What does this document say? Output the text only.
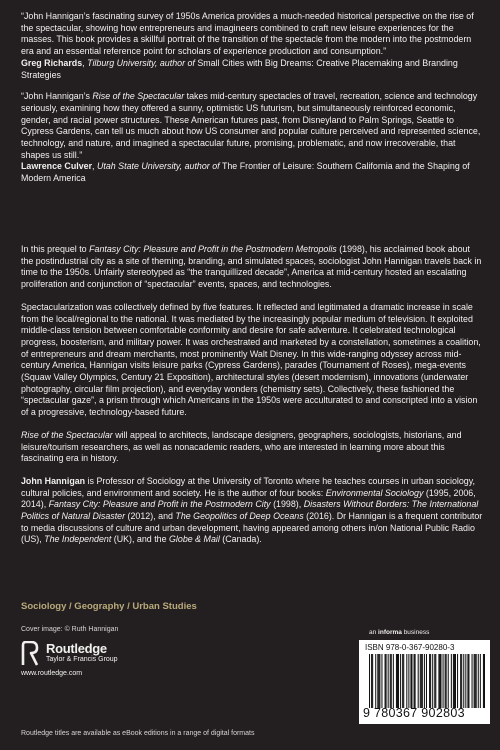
“John Hannigan’s fascinating survey of 1950s America provides a much-needed historical perspective on the rise of the spectacular, showing how entrepreneurs and imagineers combined to craft new leisure experiences for the masses. This book provides a skillful portrait of the transition of the spectacle from the modern into the postmodern era and an essential reference point for scholars of experience production and consumption.”
Greg Richards, Tilburg University, author of Small Cities with Big Dreams: Creative Placemaking and Branding Strategies
“John Hannigan’s Rise of the Spectacular takes mid-century spectacles of travel, recreation, science and technology seriously, examining how they offered a sunny, optimistic US futurism, but simultaneously reinforced economic, gender, and racial power structures. These American futures past, from Disneyland to Palm Springs, Seattle to Cypress Gardens, can tell us much about how US consumer and popular culture perceived and represented science, technology, and nature, and imagined a spectacular future, promising, problematic, and now irrecoverable, that shapes us still.”
Lawrence Culver, Utah State University, author of The Frontier of Leisure: Southern California and the Shaping of Modern America

In this prequel to Fantasy City: Pleasure and Profit in the Postmodern Metropolis (1998), his acclaimed book about the postindustrial city as a site of theming, branding, and simulated spaces, sociologist John Hannigan travels back in time to the 1950s. Unfairly stereotyped as “the tranquillized decade”, America at mid-century hosted an escalating proliferation and conjunction of “spectacular” events, spaces, and technologies.

Spectacularization was collectively defined by five features. It reflected and legitimated a dramatic increase in scale from the local/regional to the national. It was mediated by the increasingly popular medium of television. It exploited middle-class tension between comfortable conformity and desire for safe adventure. It celebrated technological progress, boosterism, and military power. It was orchestrated and marketed by a constellation, sometimes a coalition, of entrepreneurs and dream merchants, most prominently Walt Disney. In this wide-ranging odyssey across mid-century America, Hannigan visits leisure parks (Cypress Gardens), parades (Tournament of Roses), mega-events (Squaw Valley Olympics, Century 21 Exposition), architectural styles (desert modernism), innovations (underwater photography, circular film projection), and everyday wonders (chemistry sets). Collectively, these fashioned the “spectacular gaze”, a prism through which Americans in the 1950s were acculturated to and conscripted into a vision of a progressive, technology-based future.

Rise of the Spectacular will appeal to architects, landscape designers, geographers, sociologists, historians, and leisure/tourism researchers, as well as nonacademic readers, who are interested in learning more about this fascinating era in history.

John Hannigan is Professor of Sociology at the University of Toronto where he teaches courses in urban sociology, cultural policies, and environment and society. He is the author of four books: Environmental Sociology (1995, 2006, 2014), Fantasy City: Pleasure and Profit in the Postmodern City (1998), Disasters Without Borders: The International Politics of Natural Disaster (2012), and The Geopolitics of Deep Oceans (2016). Dr Hannigan is a frequent contributor to media discussions of culture and urban development, having appeared among others in/on National Public Radio (US), The Independent (UK), and the Globe & Mail (Canada).

Sociology / Geography / Urban Studies
Cover image: © Ruth Hannigan
Routledge
Taylor & Francis Group
www.routledge.com
an informa business
ISBN 978-0-367-90280-3
9 780367 902803
Routledge titles are available as eBook editions in a range of digital formats
